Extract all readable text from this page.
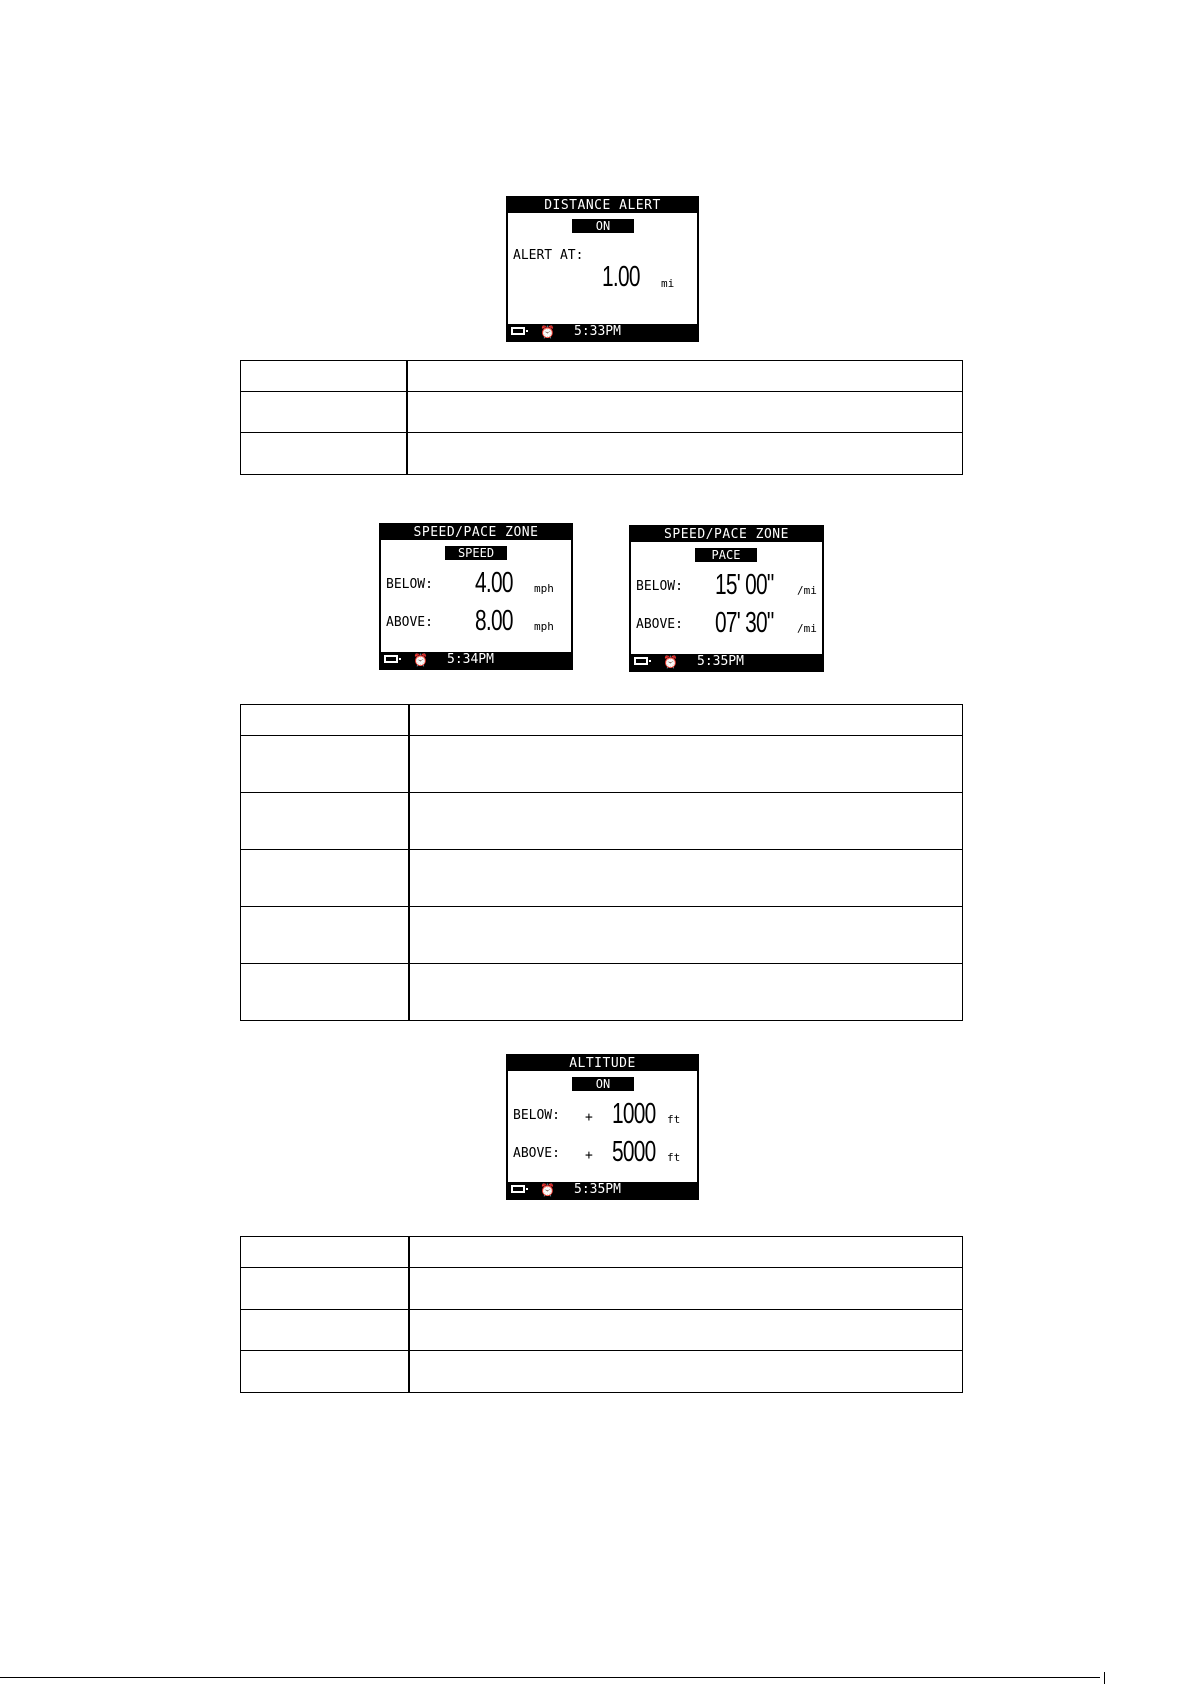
DISTANCE ALERT
ON
ALERT AT:
1.00 mi
⏰ 5:33PM

SPEED/PACE ZONE
SPEED
BELOW: 4.00 mph
ABOVE: 8.00 mph
⏰ 5:34PM
SPEED/PACE ZONE
PACE
BELOW: 15' 00" /mi
ABOVE: 07' 30" /mi
⏰ 5:35PM

ALTITUDE
ON
BELOW: + 1000 ft
ABOVE: + 5000 ft
⏰ 5:35PM
